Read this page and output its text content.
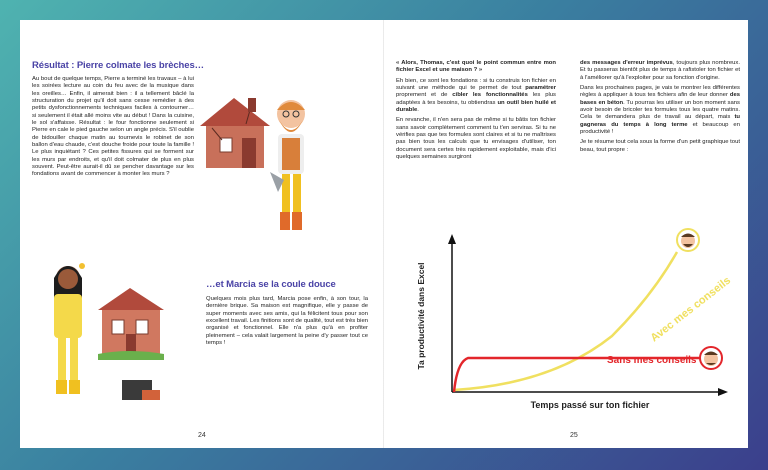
Résultat : Pierre colmate les brèches…
Au bout de quelque temps, Pierre a terminé les travaux – à lui les soirées lecture au coin du feu avec de la musique dans les oreilles… Enfin, il aimerait bien : il a tellement bâclé la structuration du projet qu'il doit sans cesse remédier à des petits dysfonctionnements techniques faciles à contourner… si seulement il était allé moins vite au début ! Dans la cuisine, le sol s'affaisse. Résultat : le four fonctionne seulement si Pierre en cale le pied gauche selon un angle précis. S'il oublie de bidouiller chaque matin au tournevis le robinet de son ballon d'eau chaude, c'est douche froide pour toute la famille ! Le plus inquiétant ? Ces petites fissures qui se forment sur les murs par endroits, et qu'il doit colmater de plus en plus souvent. Peut-être aurait-il dû se pencher davantage sur les fondations avant de commencer à monter les murs ?
…et Marcia se la coule douce
Quelques mois plus tard, Marcia pose enfin, à son tour, la dernière brique. Sa maison est magnifique, elle y passe de super moments avec ses amis, qui la félicitent tous pour son excellent travail. Les finitions sont de qualité, tout est très bien organisé et fonctionnel. Elle n'a plus qu'à en profiter pleinement – cela valait largement la peine d'y passer tout ce temps !
24

« Alors, Thomas, c'est quoi le point commun entre mon fichier Excel et une maison ? »

Eh bien, ce sont les fondations : si tu construis ton fichier en suivant une méthode qui te permet de tout paramétrer proprement et de cibler les fonctionnalités les plus adaptées à tes besoins, tu obtiendras un outil bien huilé et durable.

En revanche, il n'en sera pas de même si tu bâtis ton fichier sans savoir complètement comment tu t'en serviras. Si tu ne vérifies pas que tes formules sont claires et si tu ne maîtrises pas bien tous les calculs que tu envisages d'utiliser, ton document sera certes très rapidement exploitable, mais d'ici quelques semaines surgiront

des messages d'erreur imprévus, toujours plus nombreux. Et tu passeras bientôt plus de temps à rafistoler ton fichier et à l'améliorer qu'à l'exploiter pour sa fonction d'origine.

Dans les prochaines pages, je vais te montrer les différentes règles à appliquer à tous tes fichiers afin de leur donner des bases en béton. Tu pourras les utiliser un bon moment sans avoir besoin de bricoler tes formules tous les quatre matins. Cela te demandera plus de travail au départ, mais tu gagneras du temps à long terme et beaucoup en productivité !

Je te résume tout cela sous la forme d'un petit graphique tout beau, tout propre :

Avec mes conseils
Sans mes conseils
Ta productivité dans Excel
Temps passé sur ton fichier
25
